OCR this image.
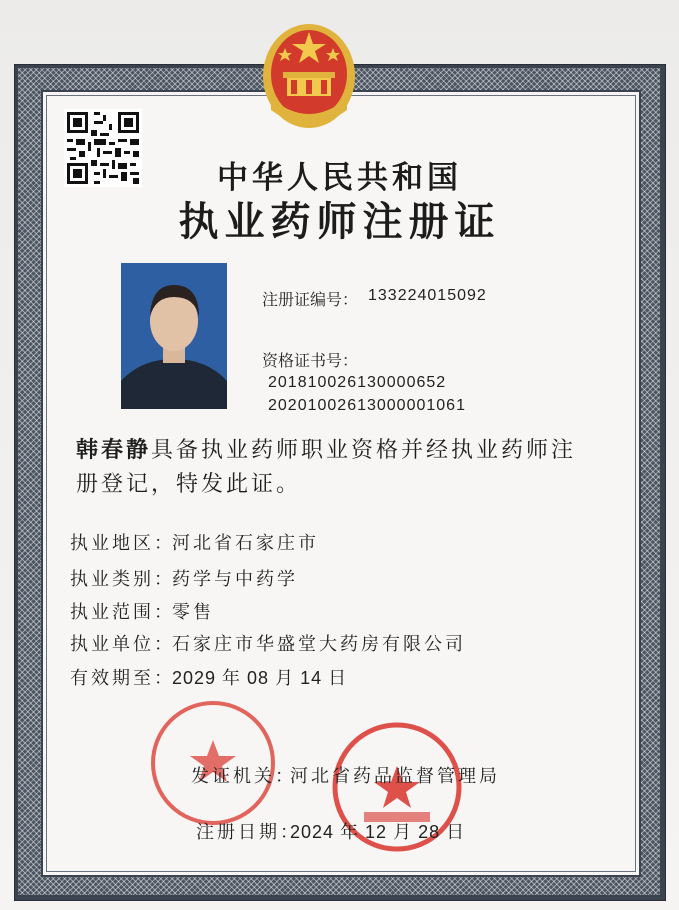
中华人民共和国
执业药师注册证
注册证编号： 133224015092
资格证书号：
20181002613000​0652
20201002613000001061
韩春静具备执业药师职业资格并经执业药师注册登记，特发此证。
执业地区：
河北省石家庄市
执业类别：
药学与中药学
执业范围：
零售
执业单位：
石家庄市华盛堂大药房有限公司
有效期至：
2029 年 08 月 14 日
发证机关：
河北省药品监督管理局
注册日期：
2024 年 12 月 28 日
